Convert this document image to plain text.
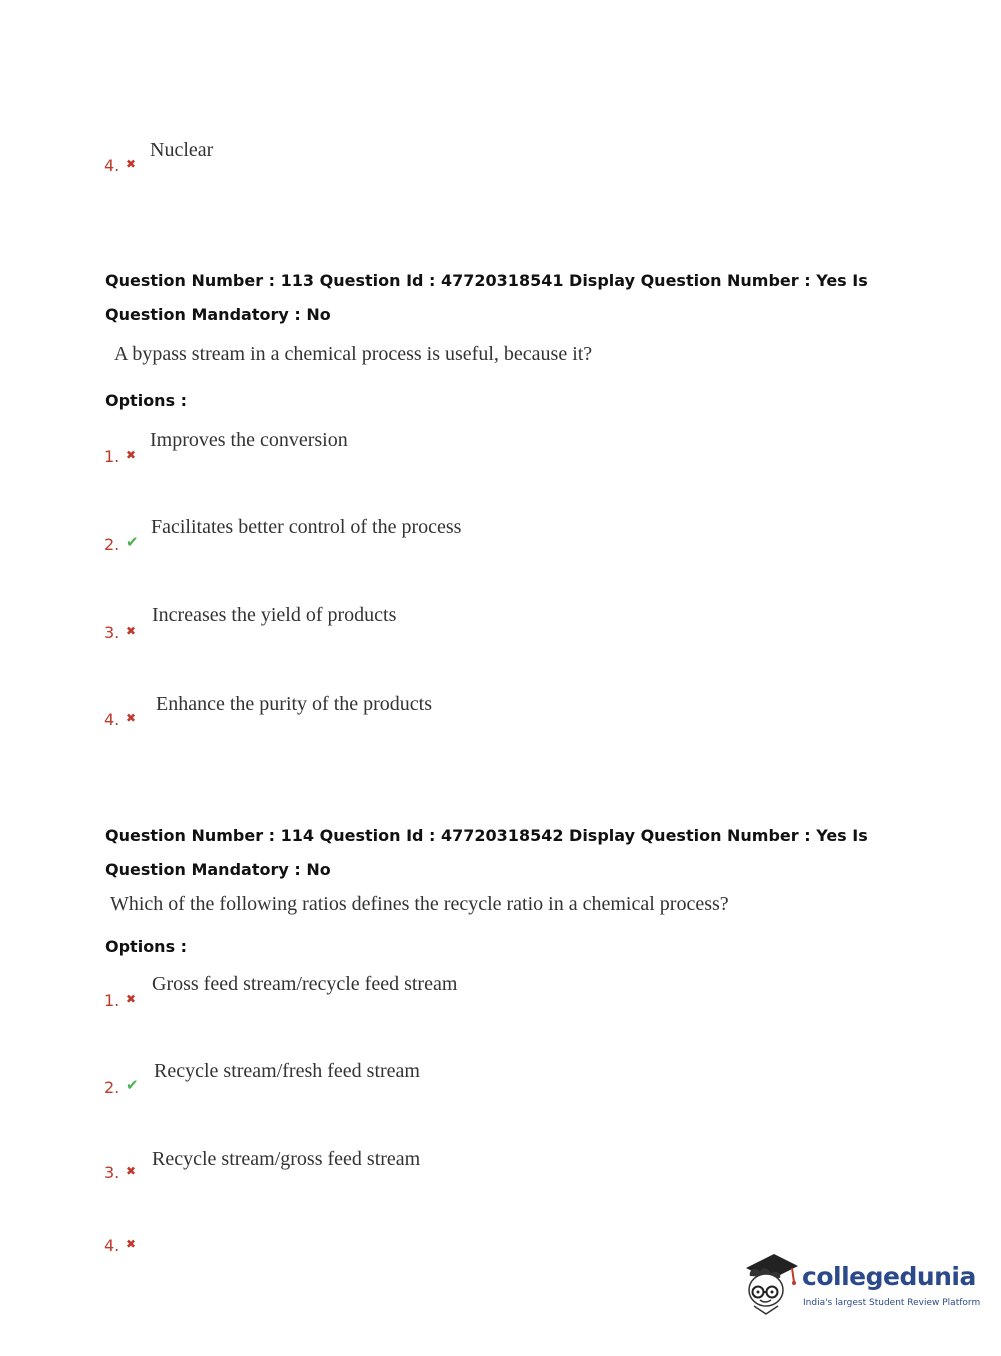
4. ✖
Nuclear
Question Number : 113 Question Id : 47720318541 Display Question Number : Yes Is Question Mandatory : No
A bypass stream in a chemical process is useful, because it?
Options :
1. ✖
Improves the conversion
2. ✔
Facilitates better control of the process
3. ✖
Increases the yield of products
4. ✖
Enhance the purity of the products
Question Number : 114 Question Id : 47720318542 Display Question Number : Yes Is Question Mandatory : No
Which of the following ratios defines the recycle ratio in a chemical process?
Options :
1. ✖
Gross feed stream/recycle feed stream
2. ✔
Recycle stream/fresh feed stream
3. ✖
Recycle stream/gross feed stream
4. ✖
collegedunia
India's largest Student Review Platform
